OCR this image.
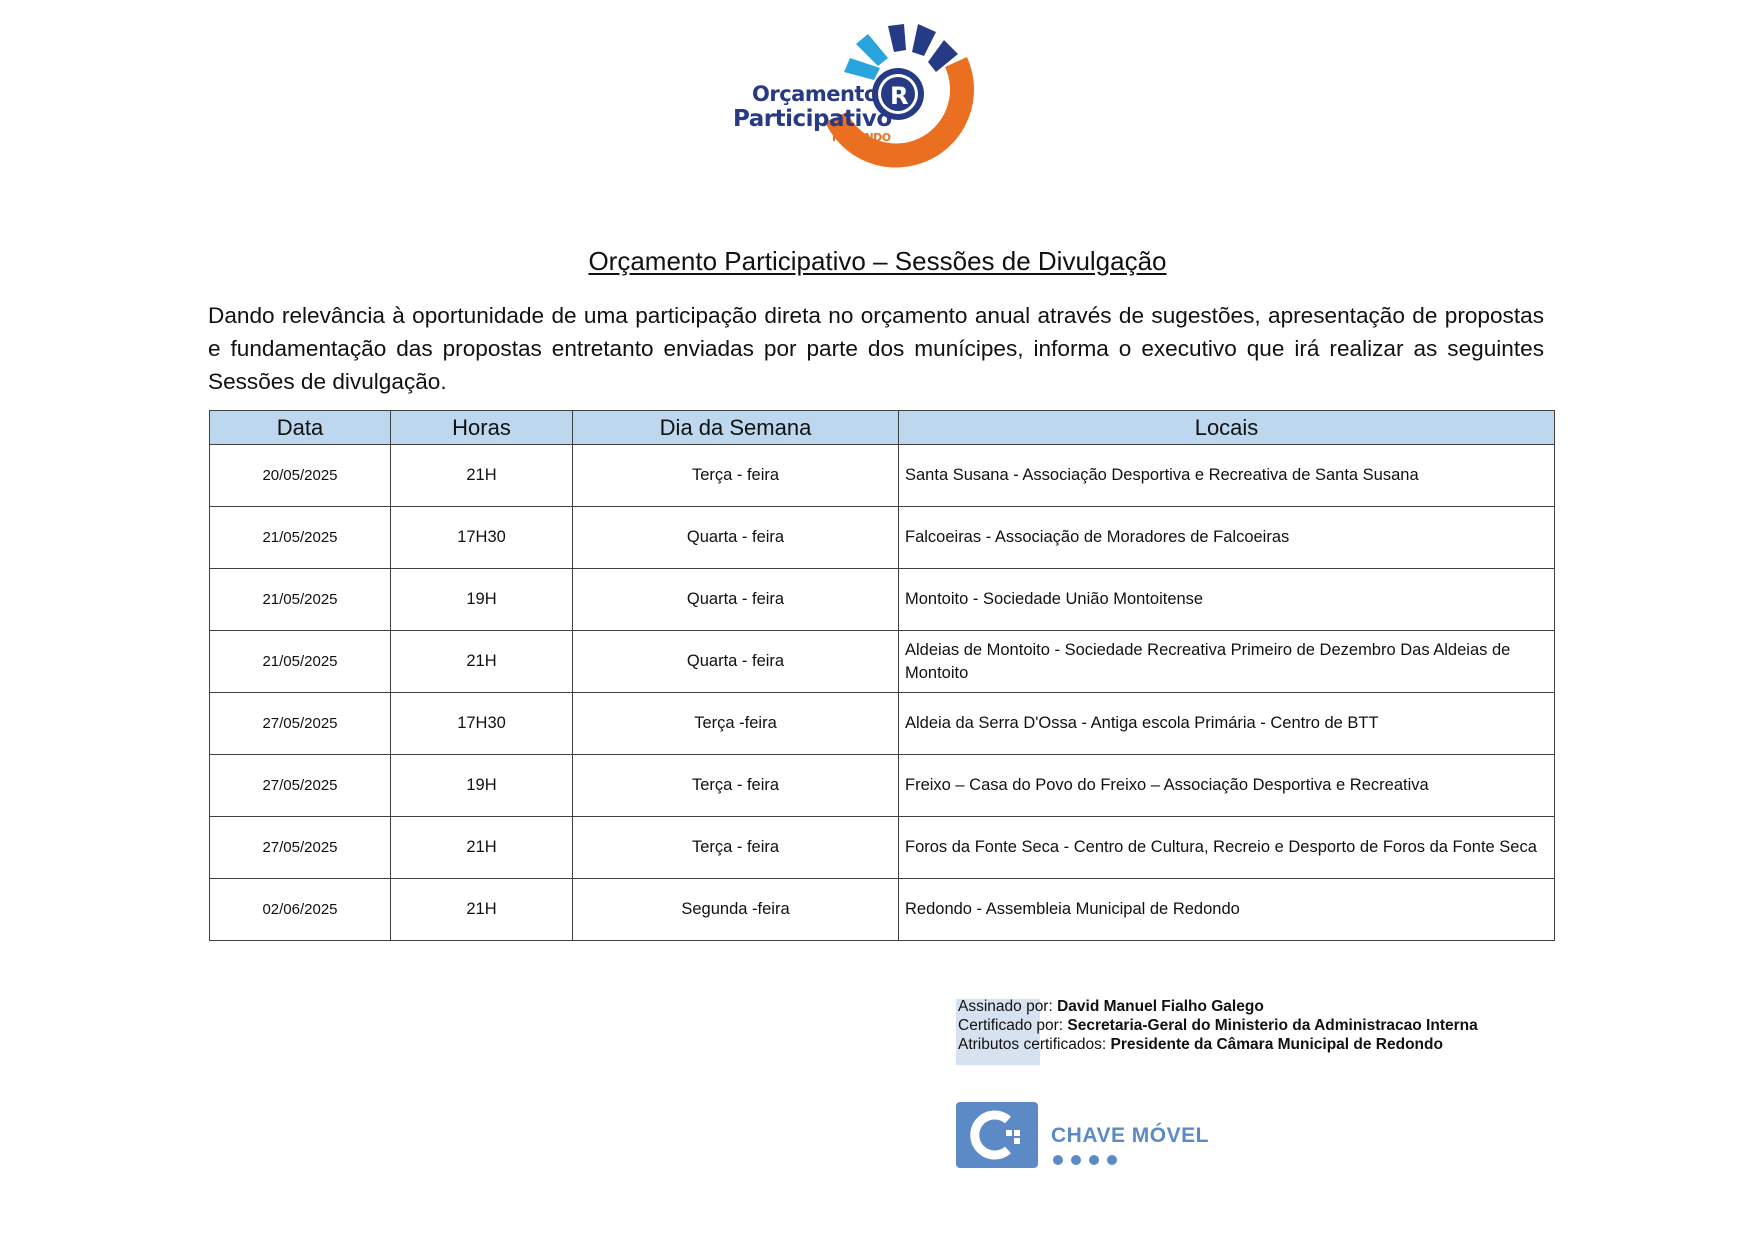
R
Orçamento
Participativo
REDONDO
Orçamento Participativo – Sessões de Divulgação
Dando relevância à oportunidade de uma participação direta no orçamento anual através de sugestões, apresentação de propostas e fundamentação das propostas entretanto enviadas por parte dos munícipes, informa o executivo que irá realizar as seguintes Sessões de divulgação.
Data	Horas	Dia da Semana	Locais
20/05/2025	21H	Terça - feira	Santa Susana - Associação Desportiva e Recreativa de Santa Susana
21/05/2025	17H30	Quarta - feira	Falcoeiras - Associação de Moradores de Falcoeiras
21/05/2025	19H	Quarta - feira	Montoito - Sociedade União Montoitense
21/05/2025	21H	Quarta - feira	Aldeias de Montoito - Sociedade Recreativa Primeiro de Dezembro Das Aldeias de Montoito
27/05/2025	17H30	Terça -feira	Aldeia da Serra D'Ossa - Antiga escola Primária - Centro de BTT
27/05/2025	19H	Terça - feira	Freixo – Casa do Povo do Freixo – Associação Desportiva e Recreativa
27/05/2025	21H	Terça - feira	Foros da Fonte Seca - Centro de Cultura, Recreio e Desporto de Foros da Fonte Seca
02/06/2025	21H	Segunda -feira	Redondo - Assembleia Municipal de Redondo
Assinado por: David Manuel Fialho Galego
Certificado por: Secretaria-Geral do Ministerio da Administracao Interna
Atributos certificados: Presidente da Câmara Municipal de Redondo
CHAVE MÓVEL
